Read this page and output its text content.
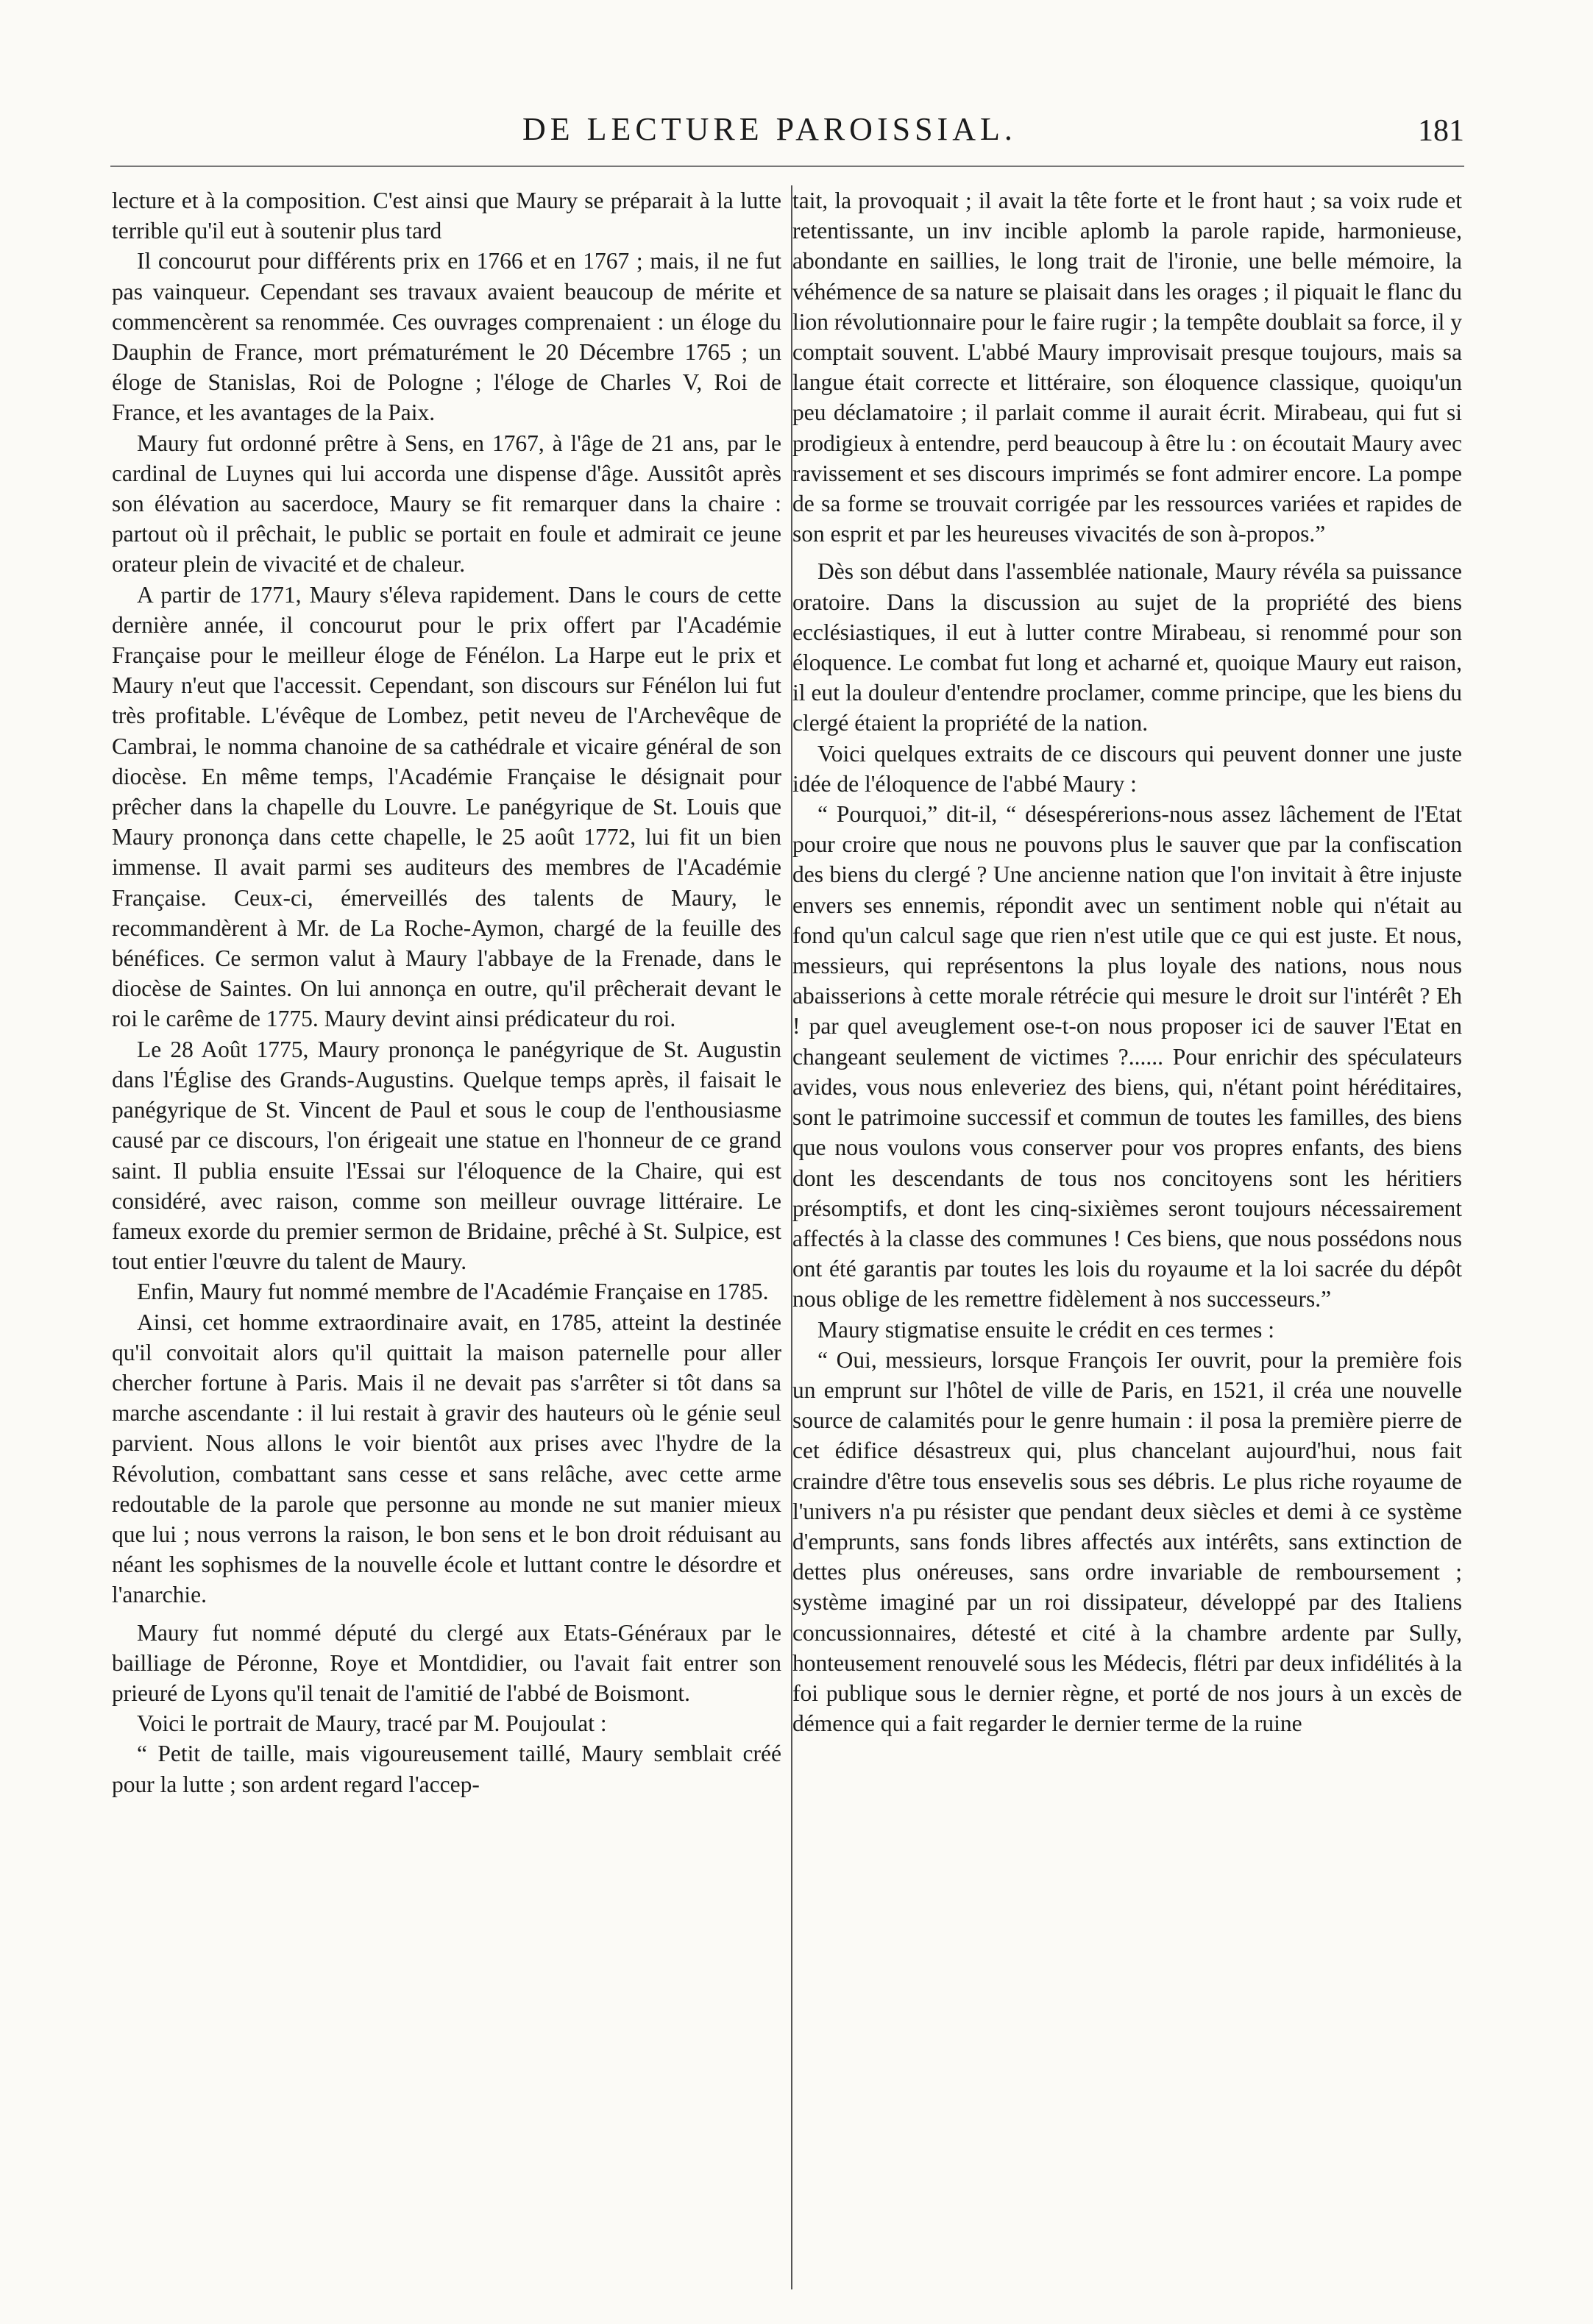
DE LECTURE PAROISSIAL.	181

lecture et à la composition. C'est ainsi que Maury se préparait à la lutte terrible qu'il eut à soutenir plus tard

Il concourut pour différents prix en 1766 et en 1767 ; mais, il ne fut pas vainqueur. Cependant ses travaux avaient beaucoup de mérite et commencèrent sa renommée. Ces ouvrages comprenaient : un éloge du Dauphin de France, mort prématurément le 20 Décembre 1765 ; un éloge de Stanislas, Roi de Pologne ; l'éloge de Charles V, Roi de France, et les avantages de la Paix.

Maury fut ordonné prêtre à Sens, en 1767, à l'âge de 21 ans, par le cardinal de Luynes qui lui accorda une dispense d'âge. Aussitôt après son élévation au sacerdoce, Maury se fit remarquer dans la chaire : partout où il prêchait, le public se portait en foule et admirait ce jeune orateur plein de vivacité et de chaleur.

A partir de 1771, Maury s'éleva rapidement. Dans le cours de cette dernière année, il concourut pour le prix offert par l'Académie Française pour le meilleur éloge de Fénélon. La Harpe eut le prix et Maury n'eut que l'accessit. Cependant, son discours sur Fénélon lui fut très profitable. L'évêque de Lombez, petit neveu de l'Archevêque de Cambrai, le nomma chanoine de sa cathédrale et vicaire général de son diocèse. En même temps, l'Académie Française le désignait pour prêcher dans la chapelle du Louvre. Le panégyrique de St. Louis que Maury prononça dans cette chapelle, le 25 août 1772, lui fit un bien immense. Il avait parmi ses auditeurs des membres de l'Académie Française. Ceux-ci, émerveillés des talents de Maury, le recommandèrent à Mr. de La Roche-Aymon, chargé de la feuille des bénéfices. Ce sermon valut à Maury l'abbaye de la Frenade, dans le diocèse de Saintes. On lui annonça en outre, qu'il prêcherait devant le roi le carême de 1775. Maury devint ainsi prédicateur du roi.

Le 28 Août 1775, Maury prononça le panégyrique de St. Augustin dans l'Église des Grands-Augustins. Quelque temps après, il faisait le panégyrique de St. Vincent de Paul et sous le coup de l'enthousiasme causé par ce discours, l'on érigeait une statue en l'honneur de ce grand saint. Il publia ensuite l'Essai sur l'éloquence de la Chaire, qui est considéré, avec raison, comme son meilleur ouvrage littéraire. Le fameux exorde du premier sermon de Bridaine, prêché à St. Sulpice, est tout entier l'œuvre du talent de Maury.

Enfin, Maury fut nommé membre de l'Académie Française en 1785.

Ainsi, cet homme extraordinaire avait, en 1785, atteint la destinée qu'il convoitait alors qu'il quittait la maison paternelle pour aller chercher fortune à Paris. Mais il ne devait pas s'arrêter si tôt dans sa marche ascendante : il lui restait à gravir des hauteurs où le génie seul parvient. Nous allons le voir bientôt aux prises avec l'hydre de la Révolution, combattant sans cesse et sans relâche, avec cette arme redoutable de la parole que personne au monde ne sut manier mieux que lui ; nous verrons la raison, le bon sens et le bon droit réduisant au néant les sophismes de la nouvelle école et luttant contre le désordre et l'anarchie.

Maury fut nommé député du clergé aux Etats-Généraux par le bailliage de Péronne, Roye et Montdidier, ou l'avait fait entrer son prieuré de Lyons qu'il tenait de l'amitié de l'abbé de Boismont.

Voici le portrait de Maury, tracé par M. Poujoulat :

“ Petit de taille, mais vigoureusement taillé, Maury semblait créé pour la lutte ; son ardent regard l'accep-

tait, la provoquait ; il avait la tête forte et le front haut ; sa voix rude et retentissante, un inv incible aplomb la parole rapide, harmonieuse, abondante en saillies, le long trait de l'ironie, une belle mémoire, la véhémence de sa nature se plaisait dans les orages ; il piquait le flanc du lion révolutionnaire pour le faire rugir ; la tempête doublait sa force, il y comptait souvent. L'abbé Maury improvisait presque toujours, mais sa langue était correcte et littéraire, son éloquence classique, quoiqu'un peu déclamatoire ; il parlait comme il aurait écrit. Mirabeau, qui fut si prodigieux à entendre, perd beaucoup à être lu : on écoutait Maury avec ravissement et ses discours imprimés se font admirer encore. La pompe de sa forme se trouvait corrigée par les ressources variées et rapides de son esprit et par les heureuses vivacités de son à-propos.”

Dès son début dans l'assemblée nationale, Maury révéla sa puissance oratoire. Dans la discussion au sujet de la propriété des biens ecclésiastiques, il eut à lutter contre Mirabeau, si renommé pour son éloquence. Le combat fut long et acharné et, quoique Maury eut raison, il eut la douleur d'entendre proclamer, comme principe, que les biens du clergé étaient la propriété de la nation.

Voici quelques extraits de ce discours qui peuvent donner une juste idée de l'éloquence de l'abbé Maury :

“ Pourquoi,” dit-il, “ désespérerions-nous assez lâchement de l'Etat pour croire que nous ne pouvons plus le sauver que par la confiscation des biens du clergé ? Une ancienne nation que l'on invitait à être injuste envers ses ennemis, répondit avec un sentiment noble qui n'était au fond qu'un calcul sage que rien n'est utile que ce qui est juste. Et nous, messieurs, qui représentons la plus loyale des nations, nous nous abaisserions à cette morale rétrécie qui mesure le droit sur l'intérêt ? Eh ! par quel aveuglement ose-t-on nous proposer ici de sauver l'Etat en changeant seulement de victimes ?...... Pour enrichir des spéculateurs avides, vous nous enleveriez des biens, qui, n'étant point héréditaires, sont le patrimoine successif et commun de toutes les familles, des biens que nous voulons vous conserver pour vos propres enfants, des biens dont les descendants de tous nos concitoyens sont les héritiers présomptifs, et dont les cinq-sixièmes seront toujours nécessairement affectés à la classe des communes ! Ces biens, que nous possédons nous ont été garantis par toutes les lois du royaume et la loi sacrée du dépôt nous oblige de les remettre fidèlement à nos successeurs.”

Maury stigmatise ensuite le crédit en ces termes :

“ Oui, messieurs, lorsque François Ier ouvrit, pour la première fois un emprunt sur l'hôtel de ville de Paris, en 1521, il créa une nouvelle source de calamités pour le genre humain : il posa la première pierre de cet édifice désastreux qui, plus chancelant aujourd'hui, nous fait craindre d'être tous ensevelis sous ses débris. Le plus riche royaume de l'univers n'a pu résister que pendant deux siècles et demi à ce système d'emprunts, sans fonds libres affectés aux intérêts, sans extinction de dettes plus onéreuses, sans ordre invariable de remboursement ; système imaginé par un roi dissipateur, développé par des Italiens concussionnaires, détesté et cité à la chambre ardente par Sully, honteusement renouvelé sous les Médecis, flétri par deux infidélités à la foi publique sous le dernier règne, et porté de nos jours à un excès de démence qui a fait regarder le dernier terme de la ruine
